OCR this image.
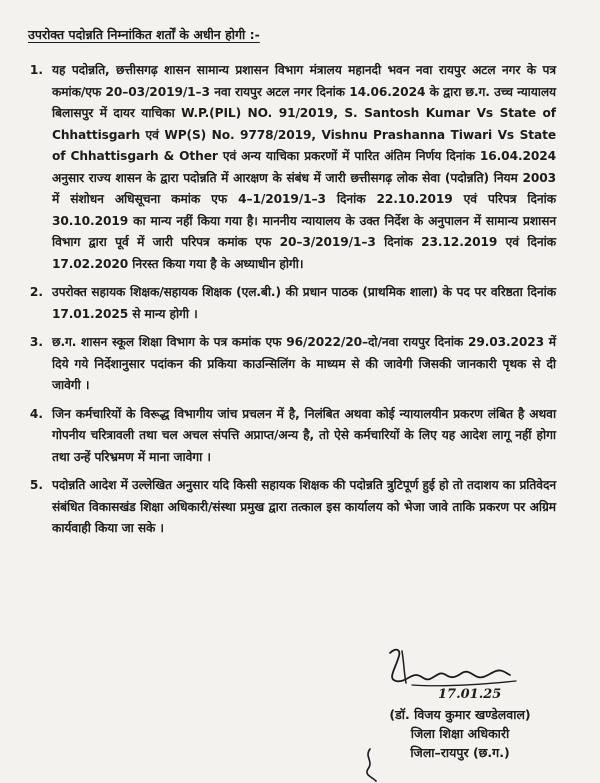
उपरोक्त पदोन्नति निम्नांकित शर्तों के अधीन होगी :-
1. यह पदोन्नति, छत्तीसगढ़ शासन सामान्य प्रशासन विभाग मंत्रालय महानदी भवन नवा रायपुर अटल नगर के पत्र कमांक/एफ 20–03/2019/1–3 नवा रायपुर अटल नगर दिनांक 14.06.2024 के द्वारा छ.ग. उच्च न्यायालय बिलासपुर में दायर याचिका W.P.(PIL) NO. 91/2019, S. Santosh Kumar Vs State of Chhattisgarh एवं WP(S) No. 9778/2019, Vishnu Prashanna Tiwari Vs State of Chhattisgarh & Other एवं अन्य याचिका प्रकरणों में पारित अंतिम निर्णय दिनांक 16.04.2024 अनुसार राज्य शासन के द्वारा पदोन्नति में आरक्षण के संबंध में जारी छत्तीसगढ़ लोक सेवा (पदोन्नति) नियम 2003 में संशोधन अधिसूचना कमांक एफ 4–1/2019/1–3 दिनांक 22.10.2019 एवं परिपत्र दिनांक 30.10.2019 का मान्य नहीं किया गया है। माननीय न्यायालय के उक्त निर्देश के अनुपालन में सामान्य प्रशासन विभाग द्वारा पूर्व में जारी परिपत्र कमांक एफ 20–3/2019/1–3 दिनांक 23.12.2019 एवं दिनांक 17.02.2020 निरस्त किया गया है के अध्याधीन होगी।
2. उपरोक्त सहायक शिक्षक/सहायक शिक्षक (एल.बी.) की प्रधान पाठक (प्राथमिक शाला) के पद पर वरिष्ठता दिनांक 17.01.2025 से मान्य होगी ।
3. छ.ग. शासन स्कूल शिक्षा विभाग के पत्र कमांक एफ 96/2022/20–दो/नवा रायपुर दिनांक 29.03.2023 में दिये गये निर्देशानुसार पदांकन की प्रकिया काउन्सिलिंग के माध्यम से की जावेगी जिसकी जानकारी पृथक से दी जावेगी ।
4. जिन कर्मचारियों के विरूद्ध विभागीय जांच प्रचलन में है, निलंबित अथवा कोई न्यायालयीन प्रकरण लंबित है अथवा गोपनीय चरित्रावली तथा चल अचल संपत्ति अप्राप्त/अन्य है, तो ऐसे कर्मचारियों के लिए यह आदेश लागू नहीं होगा तथा उन्हें परिभ्रमण में माना जावेगा ।
5. पदोन्नति आदेश में उल्लेखित अनुसार यदि किसी सहायक शिक्षक की पदोन्नति त्रुटिपूर्ण हुई हो तो तदाशय का प्रतिवेदन संबंधित विकासखंड शिक्षा अधिकारी/संस्था प्रमुख द्वारा तत्काल इस कार्यालय को भेजा जावे ताकि प्रकरण पर अग्रिम कार्यवाही किया जा सके ।
17.01.25
(डॉ. विजय कुमार खण्डेलवाल)
जिला शिक्षा अधिकारी
जिला–रायपुर (छ.ग.)
